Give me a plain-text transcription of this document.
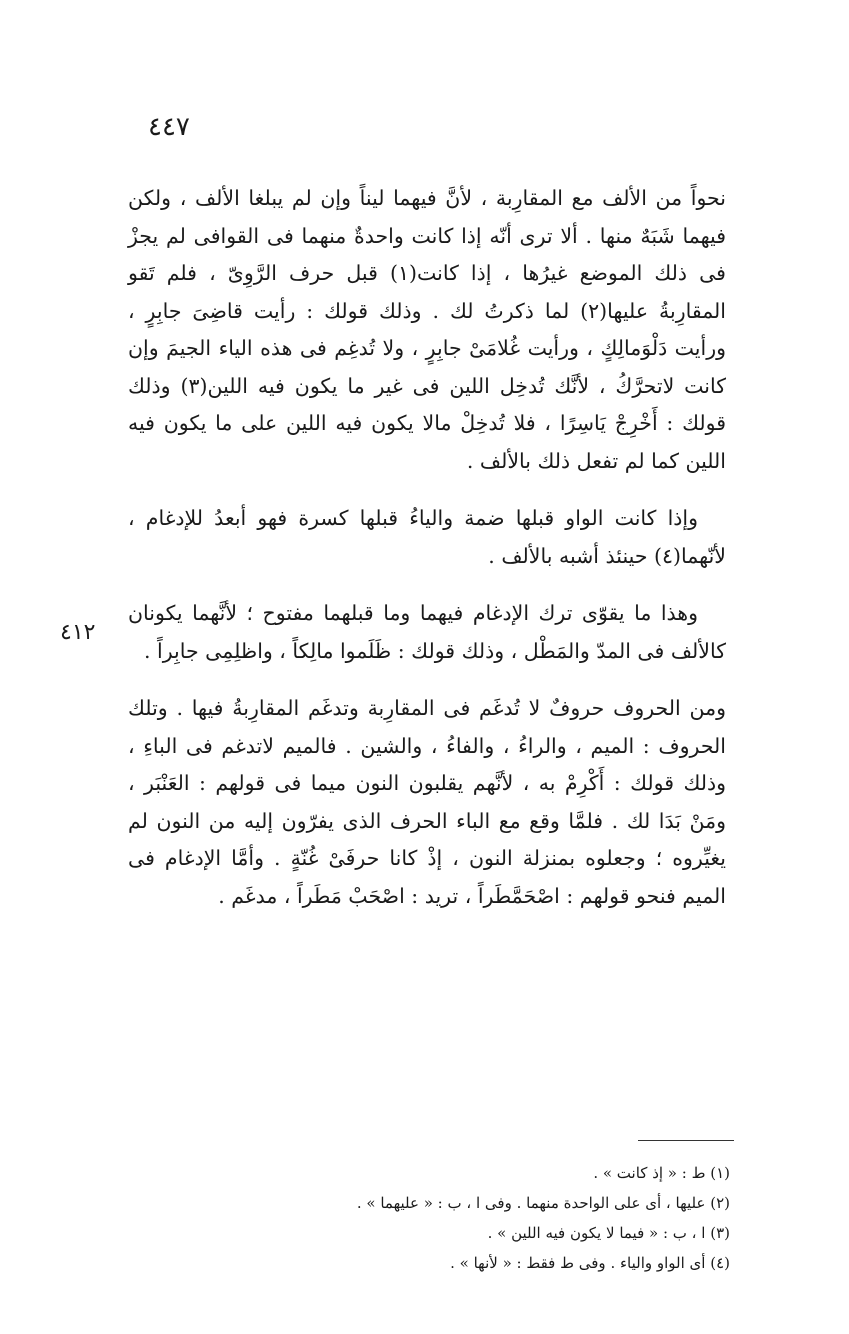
٤٤٧
٤١٢

نحواً من الألف مع المقارِبة ، لأنَّ فيهما ليناً وإن لم يبلغا الألف ، ولكن فيهما شَبَهٌ منها . ألا ترى أنّه إذا كانت واحدةٌ منهما فى القوافى لم يجزْ فى ذلك الموضع غيرُها ، إذا كانت(١) قبل حرف الرَّوِىّ ، فلم تَقو المقارِبةُ عليها(٢) لما ذكرتُ لك . وذلك قولك : رأيت قاضِىَ جابِرٍ ، ورأيت دَلْوَمالِكٍ ، ورأيت غُلامَىْ جابِرٍ ، ولا تُدغِم فى هذه الياء الجيمَ وإن كانت لاتحرَّكُ ، لأنَّك تُدخِل اللين فى غير ما يكون فيه اللين(٣) وذلك قولك : أَخْرِجْ يَاسِرًا ، فلا تُدخِلْ مالا يكون فيه اللين على ما يكون فيه اللين كما لم تفعل ذلك بالألف .

وإذا كانت الواو قبلها ضمة والياءُ قبلها كسرة فهو أبعدُ للإدغام ، لأنّهما(٤) حينئذ أشبه بالألف .

وهذا ما يقوّى ترك الإدغام فيهما وما قبلهما مفتوح ؛ لأنَّهما يكونان كالألف فى المدّ والمَطْل ، وذلك قولك : ظَلَموا مالِكاً ، واظلِمِى جابِراً .

ومن الحروف حروفٌ لا تُدغَم فى المقارِبة وتدغَم المقارِبةُ فيها . وتلك الحروف : الميم ، والراءُ ، والفاءُ ، والشين . فالميم لاتدغم فى الباءِ ، وذلك قولك : أَكْرِمْ به ، لأنَّهم يقلبون النون ميما فى قولهم : العَنْبَر ، ومَنْ بَدَا لك . فلمَّا وقع مع الباء الحرف الذى يفرّون إليه من النون لم يغيِّروه ؛ وجعلوه بمنزلة النون ، إذْ كانا حرفَىْ غُنّةٍ . وأمَّا الإدغام فى الميم فنحو قولهم : اصْحَمَّطَراً ، تريد : اصْحَبْ مَطَراً ، مدغَم .

(١) ط : « إذ كانت » .

(٢) عليها ، أى على الواحدة منهما . وفى ا ، ب : « عليهما » .

(٣) ا ، ب : « فيما لا يكون فيه اللين » .

(٤) أى الواو والياء . وفى ط فقط : « لأنها » .
